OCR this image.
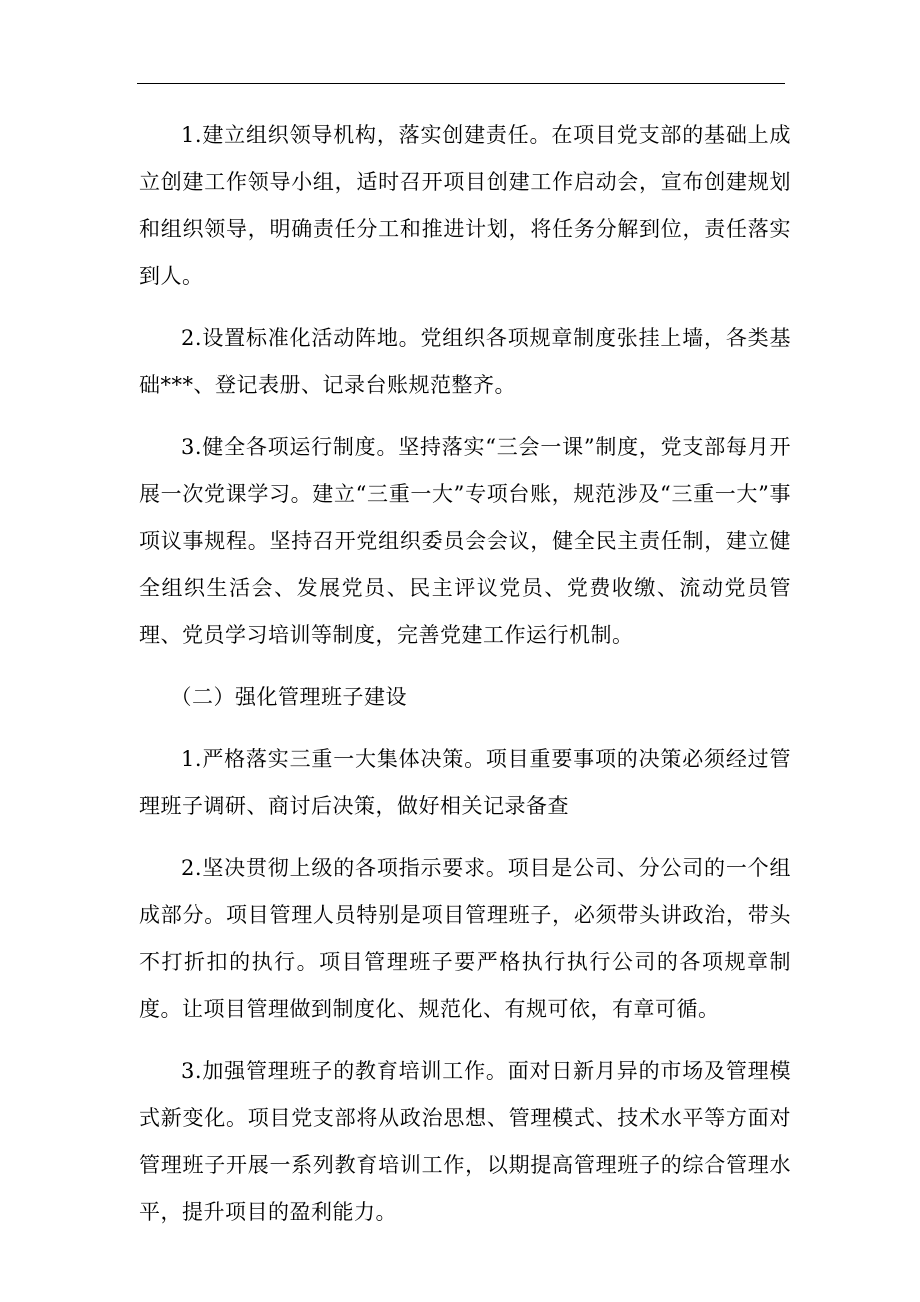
1.建立组织领导机构，落实创建责任。在项目党支部的基础上成立创建工作领导小组，适时召开项目创建工作启动会，宣布创建规划和组织领导，明确责任分工和推进计划，将任务分解到位，责任落实到人。

2.设置标准化活动阵地。党组织各项规章制度张挂上墙，各类基础***、登记表册、记录台账规范整齐。

3.健全各项运行制度。坚持落实“三会一课”制度，党支部每月开展一次党课学习。建立“三重一大”专项台账，规范涉及“三重一大”事项议事规程。坚持召开党组织委员会会议，健全民主责任制，建立健全组织生活会、发展党员、民主评议党员、党费收缴、流动党员管理、党员学习培训等制度，完善党建工作运行机制。

（二）强化管理班子建设

1.严格落实三重一大集体决策。项目重要事项的决策必须经过管理班子调研、商讨后决策，做好相关记录备查

2.坚决贯彻上级的各项指示要求。项目是公司、分公司的一个组成部分。项目管理人员特别是项目管理班子，必须带头讲政治，带头不打折扣的执行。项目管理班子要严格执行执行公司的各项规章制度。让项目管理做到制度化、规范化、有规可依，有章可循。

3.加强管理班子的教育培训工作。面对日新月异的市场及管理模式新变化。项目党支部将从政治思想、管理模式、技术水平等方面对管理班子开展一系列教育培训工作，以期提高管理班子的综合管理水平，提升项目的盈利能力。
